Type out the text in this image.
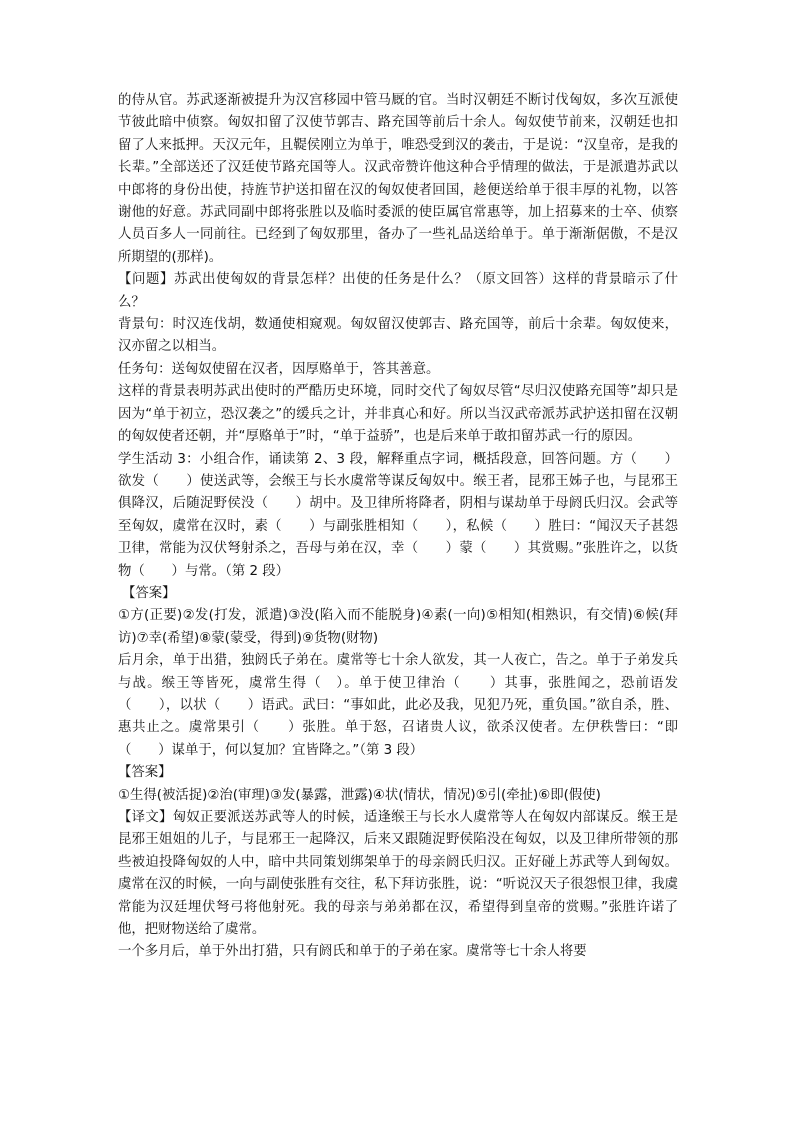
的侍从官。苏武逐渐被提升为汉宫移园中管马厩的官。当时汉朝廷不断讨伐匈奴，多次互派使节彼此暗中侦察。匈奴扣留了汉使节郭吉、路充国等前后十余人。匈奴使节前来，汉朝廷也扣留了人来抵押。天汉元年，且鞮侯刚立为单于，唯恐受到汉的袭击，于是说：“汉皇帝，是我的长辈。”全部送还了汉廷使节路充国等人。汉武帝赞许他这种合乎情理的做法，于是派遣苏武以中郎将的身份出使，持旌节护送扣留在汉的匈奴使者回国，趁便送给单于很丰厚的礼物，以答谢他的好意。苏武同副中郎将张胜以及临时委派的使臣属官常惠等，加上招募来的士卒、侦察人员百多人一同前往。已经到了匈奴那里，备办了一些礼品送给单于。单于渐渐倨傲，不是汉所期望的(那样)。

【问题】苏武出使匈奴的背景怎样？出使的任务是什么？（原文回答）这样的背景暗示了什么？

背景句：时汉连伐胡，数通使相窥观。匈奴留汉使郭吉、路充国等，前后十余辈。匈奴使来，汉亦留之以相当。

任务句：送匈奴使留在汉者，因厚赂单于，答其善意。

这样的背景表明苏武出使时的严酷历史环境，同时交代了匈奴尽管“尽归汉使路充国等”却只是因为“单于初立，恐汉袭之”的缓兵之计，并非真心和好。所以当汉武帝派苏武护送扣留在汉朝的匈奴使者还朝，并“厚赂单于”时，“单于益骄”，也是后来单于敢扣留苏武一行的原因。

学生活动 3：小组合作，诵读第 2、3 段，解释重点字词，概括段意，回答问题。方（　　）欲发（　　）使送武等，会缑王与长水虞常等谋反匈奴中。缑王者，昆邪王姊子也，与昆邪王俱降汉，后随浞野侯没（　　）胡中。及卫律所将降者，阴相与谋劫单于母阏氏归汉。会武等至匈奴，虞常在汉时，素（　　）与副张胜相知（　　），私候（　　）胜曰：“闻汉天子甚怨卫律，常能为汉伏弩射杀之，吾母与弟在汉，幸（　　）蒙（　　）其赏赐。”张胜许之，以货物（　　）与常。（第 2 段）

【答案】

①方(正要)②发(打发，派遣)③没(陷入而不能脱身)④素(一向)⑤相知(相熟识，有交情)⑥候(拜访)⑦幸(希望)⑧蒙(蒙受，得到)⑨货物(财物)

后月余，单于出猎，独阏氏子弟在。虞常等七十余人欲发，其一人夜亡，告之。单于子弟发兵与战。缑王等皆死，虞常生得（　）。单于使卫律治（　　）其事，张胜闻之，恐前语发（　　），以状（　　）语武。武曰：“事如此，此必及我，见犯乃死，重负国。”欲自杀，胜、惠共止之。虞常果引（　　）张胜。单于怒，召诸贵人议，欲杀汉使者。左伊秩訾曰：“即（　　）谋单于，何以复加？宜皆降之。”（第 3 段）

【答案】

①生得(被活捉)②治(审理)③发(暴露，泄露)④状(情状，情况)⑤引(牵扯)⑥即(假使)

【译文】匈奴正要派送苏武等人的时候，适逢缑王与长水人虞常等人在匈奴内部谋反。缑王是昆邪王姐姐的儿子，与昆邪王一起降汉，后来又跟随浞野侯陷没在匈奴，以及卫律所带领的那些被迫投降匈奴的人中，暗中共同策划绑架单于的母亲阏氏归汉。正好碰上苏武等人到匈奴。虞常在汉的时候，一向与副使张胜有交往，私下拜访张胜，说：“听说汉天子很怨恨卫律，我虞常能为汉廷埋伏弩弓将他射死。我的母亲与弟弟都在汉，希望得到皇帝的赏赐。”张胜许诺了他，把财物送给了虞常。

一个多月后，单于外出打猎，只有阏氏和单于的子弟在家。虞常等七十余人将要
